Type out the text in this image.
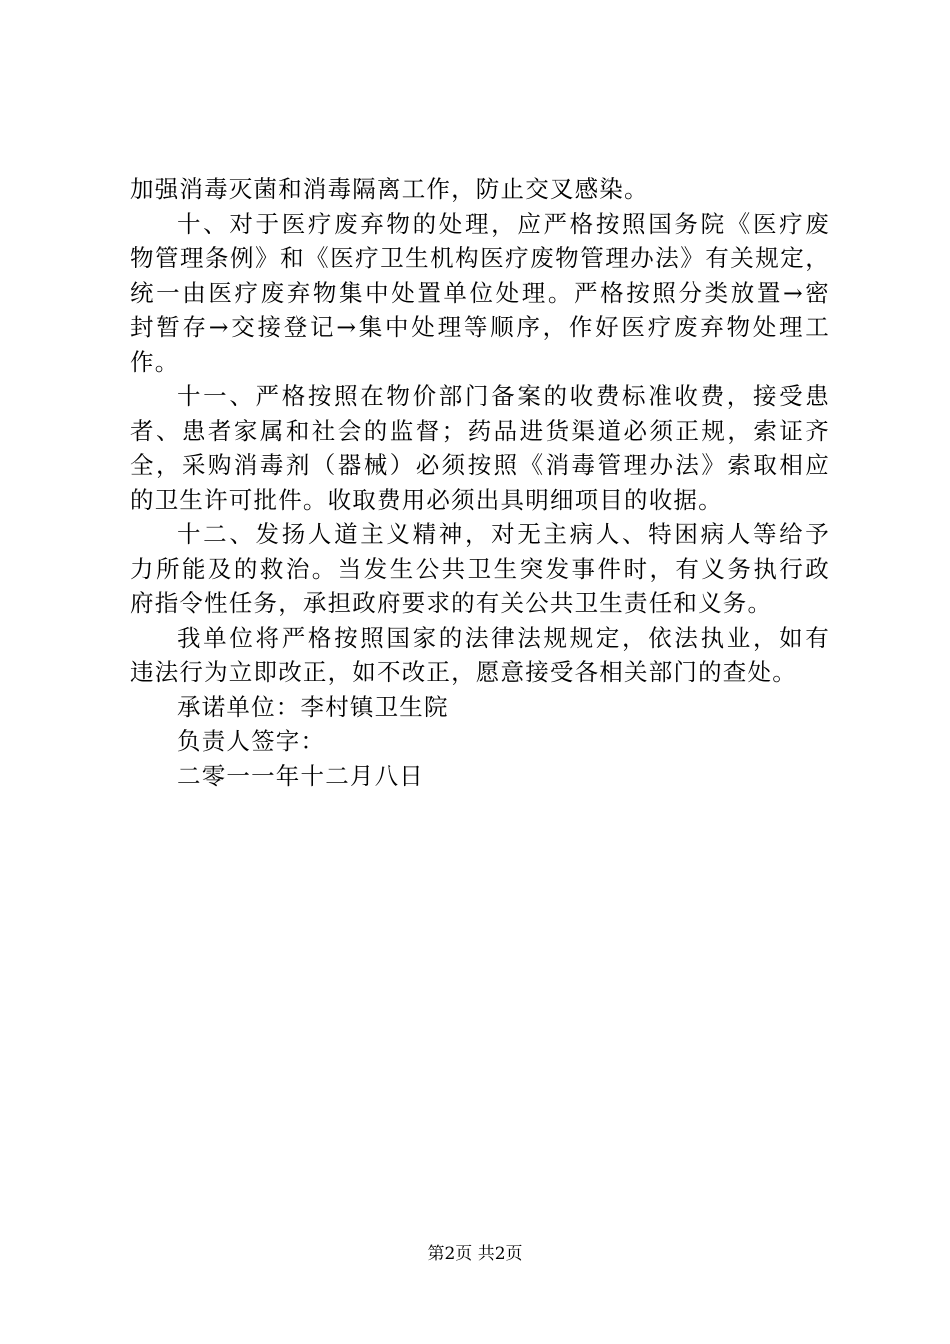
加强消毒灭菌和消毒隔离工作，防止交叉感染。
十、对于医疗废弃物的处理，应严格按照国务院《医疗废
物管理条例》和《医疗卫生机构医疗废物管理办法》有关规定，
统一由医疗废弃物集中处置单位处理。严格按照分类放置→密
封暂存→交接登记→集中处理等顺序，作好医疗废弃物处理工
作。
十一、严格按照在物价部门备案的收费标准收费，接受患
者、患者家属和社会的监督；药品进货渠道必须正规，索证齐
全，采购消毒剂（器械）必须按照《消毒管理办法》索取相应
的卫生许可批件。收取费用必须出具明细项目的收据。
十二、发扬人道主义精神，对无主病人、特困病人等给予
力所能及的救治。当发生公共卫生突发事件时，有义务执行政
府指令性任务，承担政府要求的有关公共卫生责任和义务。
我单位将严格按照国家的法律法规规定，依法执业，如有
违法行为立即改正，如不改正，愿意接受各相关部门的查处。
承诺单位：李村镇卫生院
负责人签字：
二零一一年十二月八日
第2页 共2页
